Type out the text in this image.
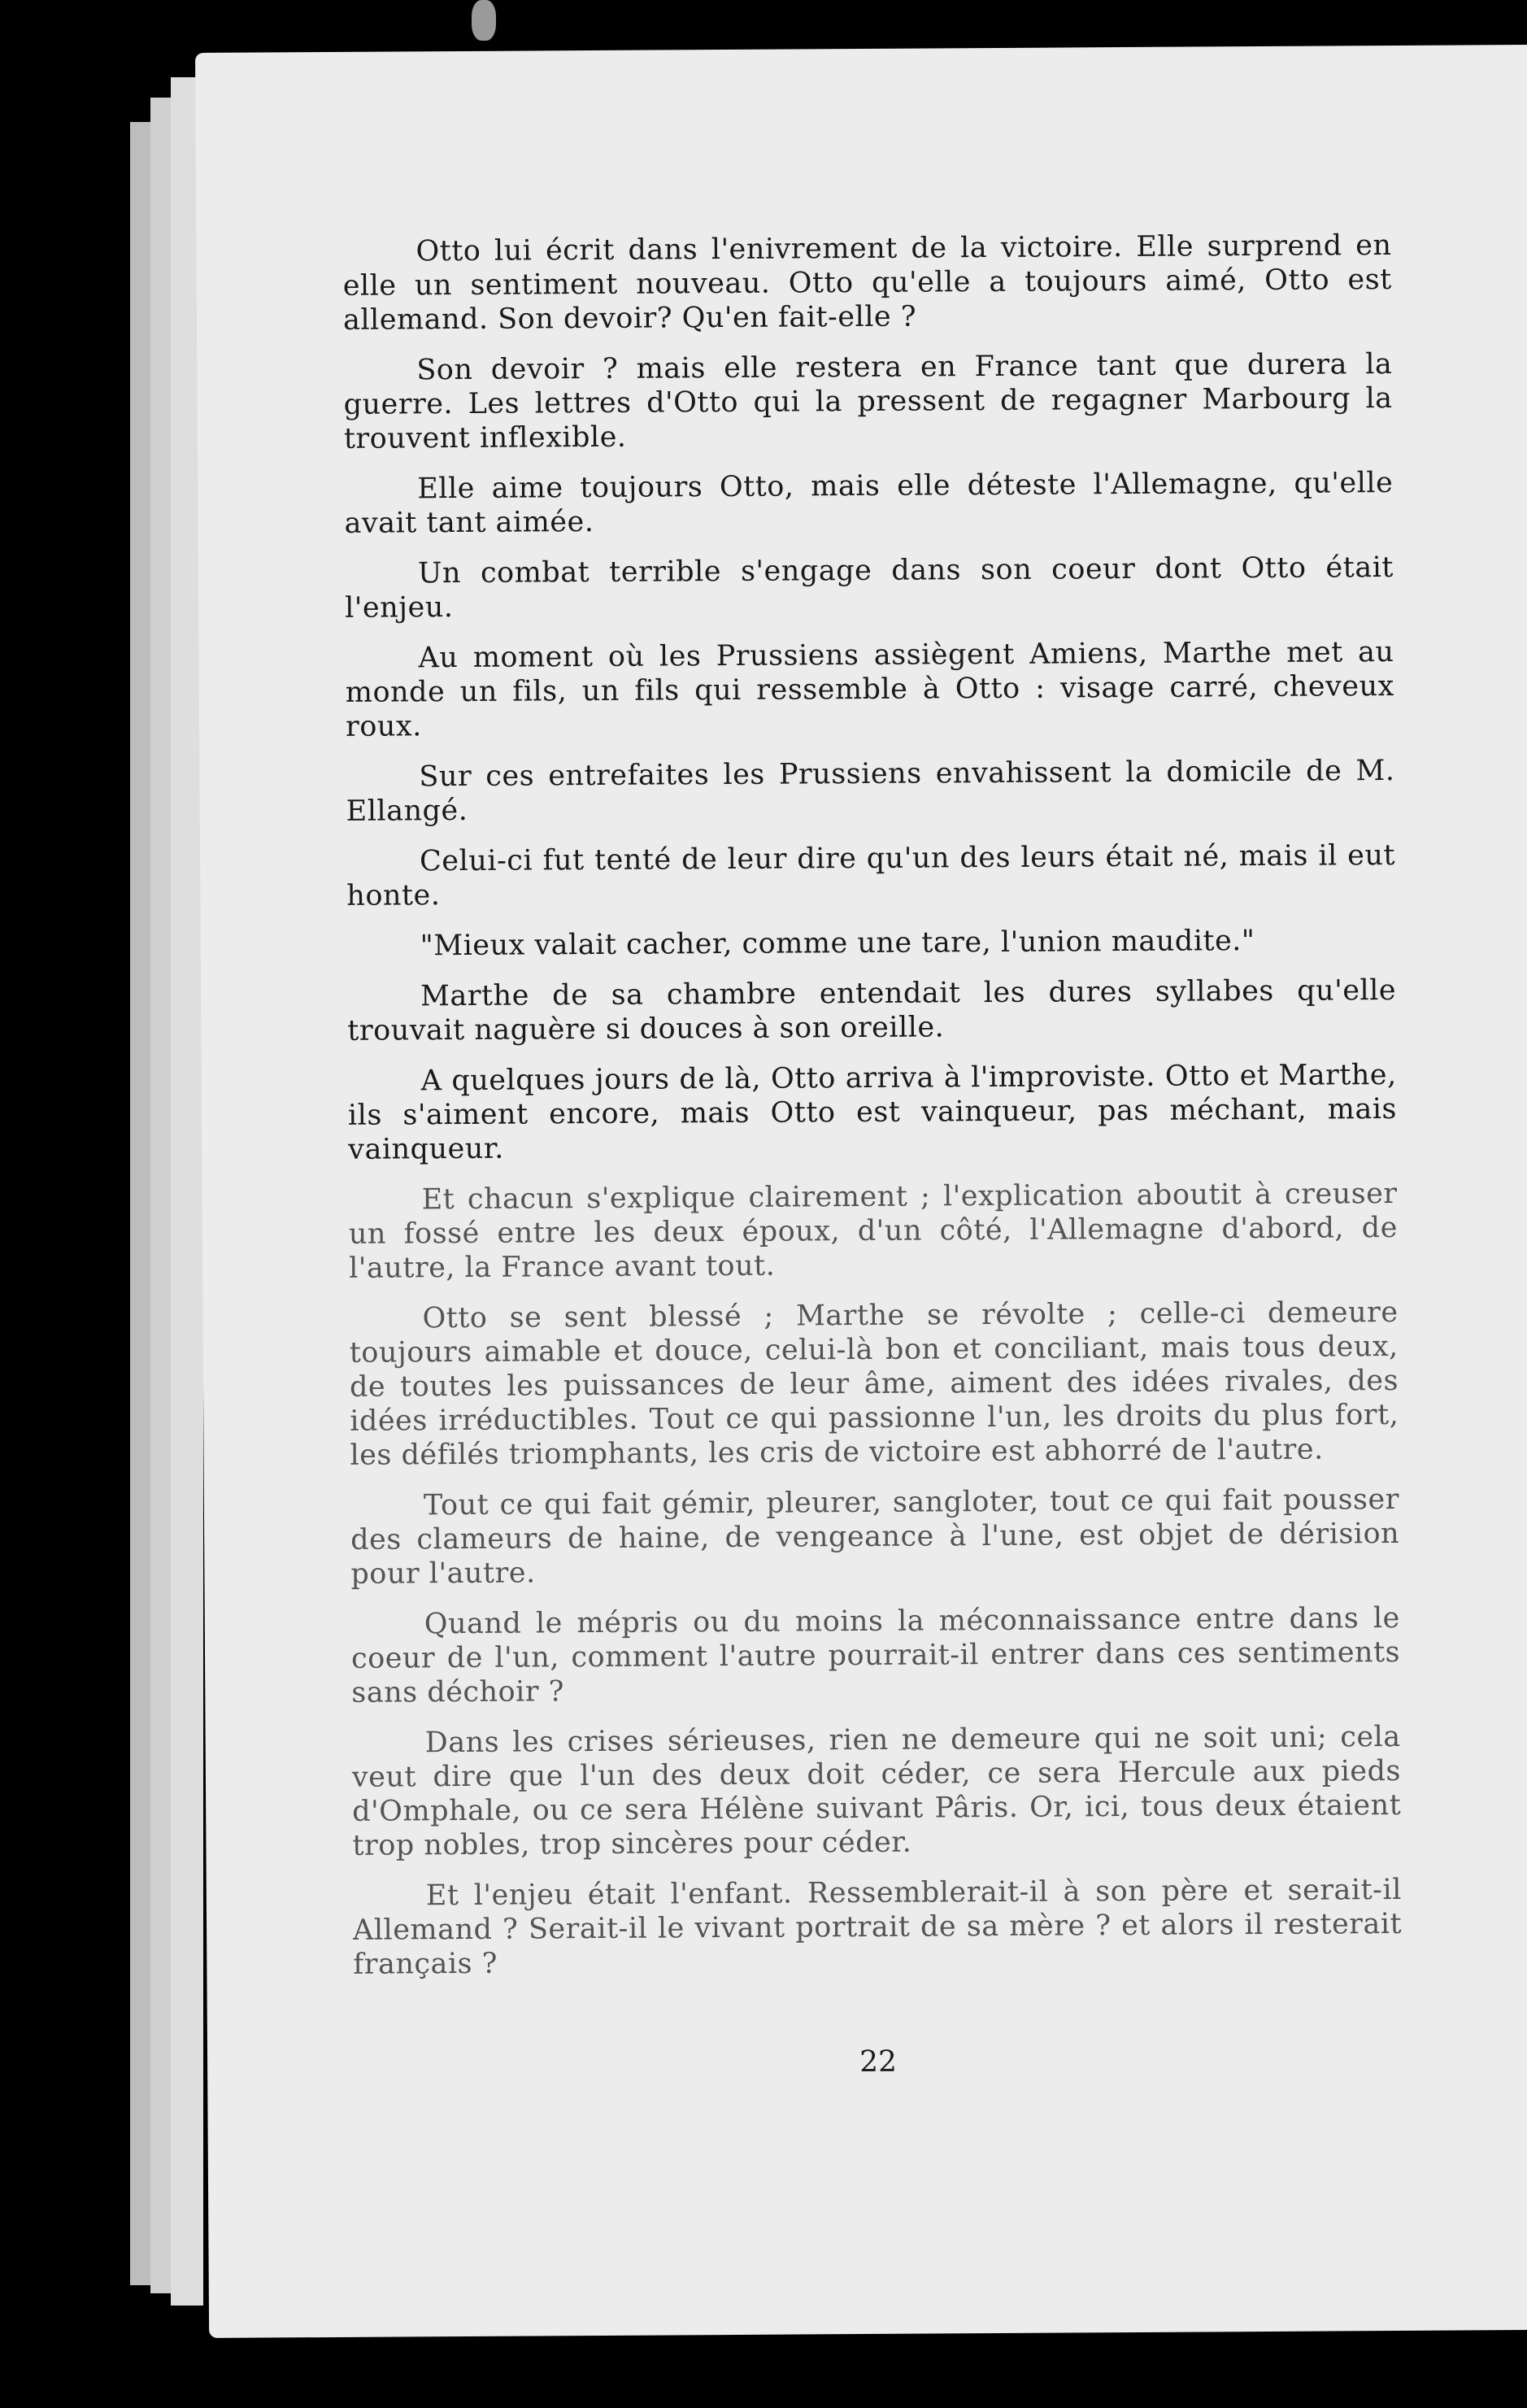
Otto lui écrit dans l'enivrement de la victoire. Elle surprend en elle un sentiment nouveau. Otto qu'elle a toujours aimé, Otto est allemand. Son devoir? Qu'en fait-elle ?

Son devoir ? mais elle restera en France tant que durera la guerre. Les lettres d'Otto qui la pressent de regagner Marbourg la trouvent inflexible.

Elle aime toujours Otto, mais elle déteste l'Allemagne, qu'elle avait tant aimée.

Un combat terrible s'engage dans son coeur dont Otto était l'enjeu.

Au moment où les Prussiens assiègent Amiens, Marthe met au monde un fils, un fils qui ressemble à Otto : visage carré, cheveux roux.

Sur ces entrefaites les Prussiens envahissent la domicile de M. Ellangé.

Celui-ci fut tenté de leur dire qu'un des leurs était né, mais il eut honte.

"Mieux valait cacher, comme une tare, l'union maudite."

Marthe de sa chambre entendait les dures syllabes qu'elle trouvait naguère si douces à son oreille.

A quelques jours de là, Otto arriva à l'improviste. Otto et Marthe, ils s'aiment encore, mais Otto est vainqueur, pas méchant, mais vainqueur.

Et chacun s'explique clairement ; l'explication aboutit à creuser un fossé entre les deux époux, d'un côté, l'Allemagne d'abord, de l'autre, la France avant tout.

Otto se sent blessé ; Marthe se révolte ; celle-ci demeure toujours aimable et douce, celui-là bon et conciliant, mais tous deux, de toutes les puissances de leur âme, aiment des idées rivales, des idées irréductibles. Tout ce qui passionne l'un, les droits du plus fort, les défilés triomphants, les cris de victoire est abhorré de l'autre.

Tout ce qui fait gémir, pleurer, sangloter, tout ce qui fait pousser des clameurs de haine, de vengeance à l'une, est objet de dérision pour l'autre.

Quand le mépris ou du moins la méconnaissance entre dans le coeur de l'un, comment l'autre pourrait-il entrer dans ces sentiments sans déchoir ?

Dans les crises sérieuses, rien ne demeure qui ne soit uni; cela veut dire que l'un des deux doit céder, ce sera Hercule aux pieds d'Omphale, ou ce sera Hélène suivant Pâris. Or, ici, tous deux étaient trop nobles, trop sincères pour céder.

Et l'enjeu était l'enfant. Ressemblerait-il à son père et serait-il Allemand ? Serait-il le vivant portrait de sa mère ? et alors il resterait français ?

22
